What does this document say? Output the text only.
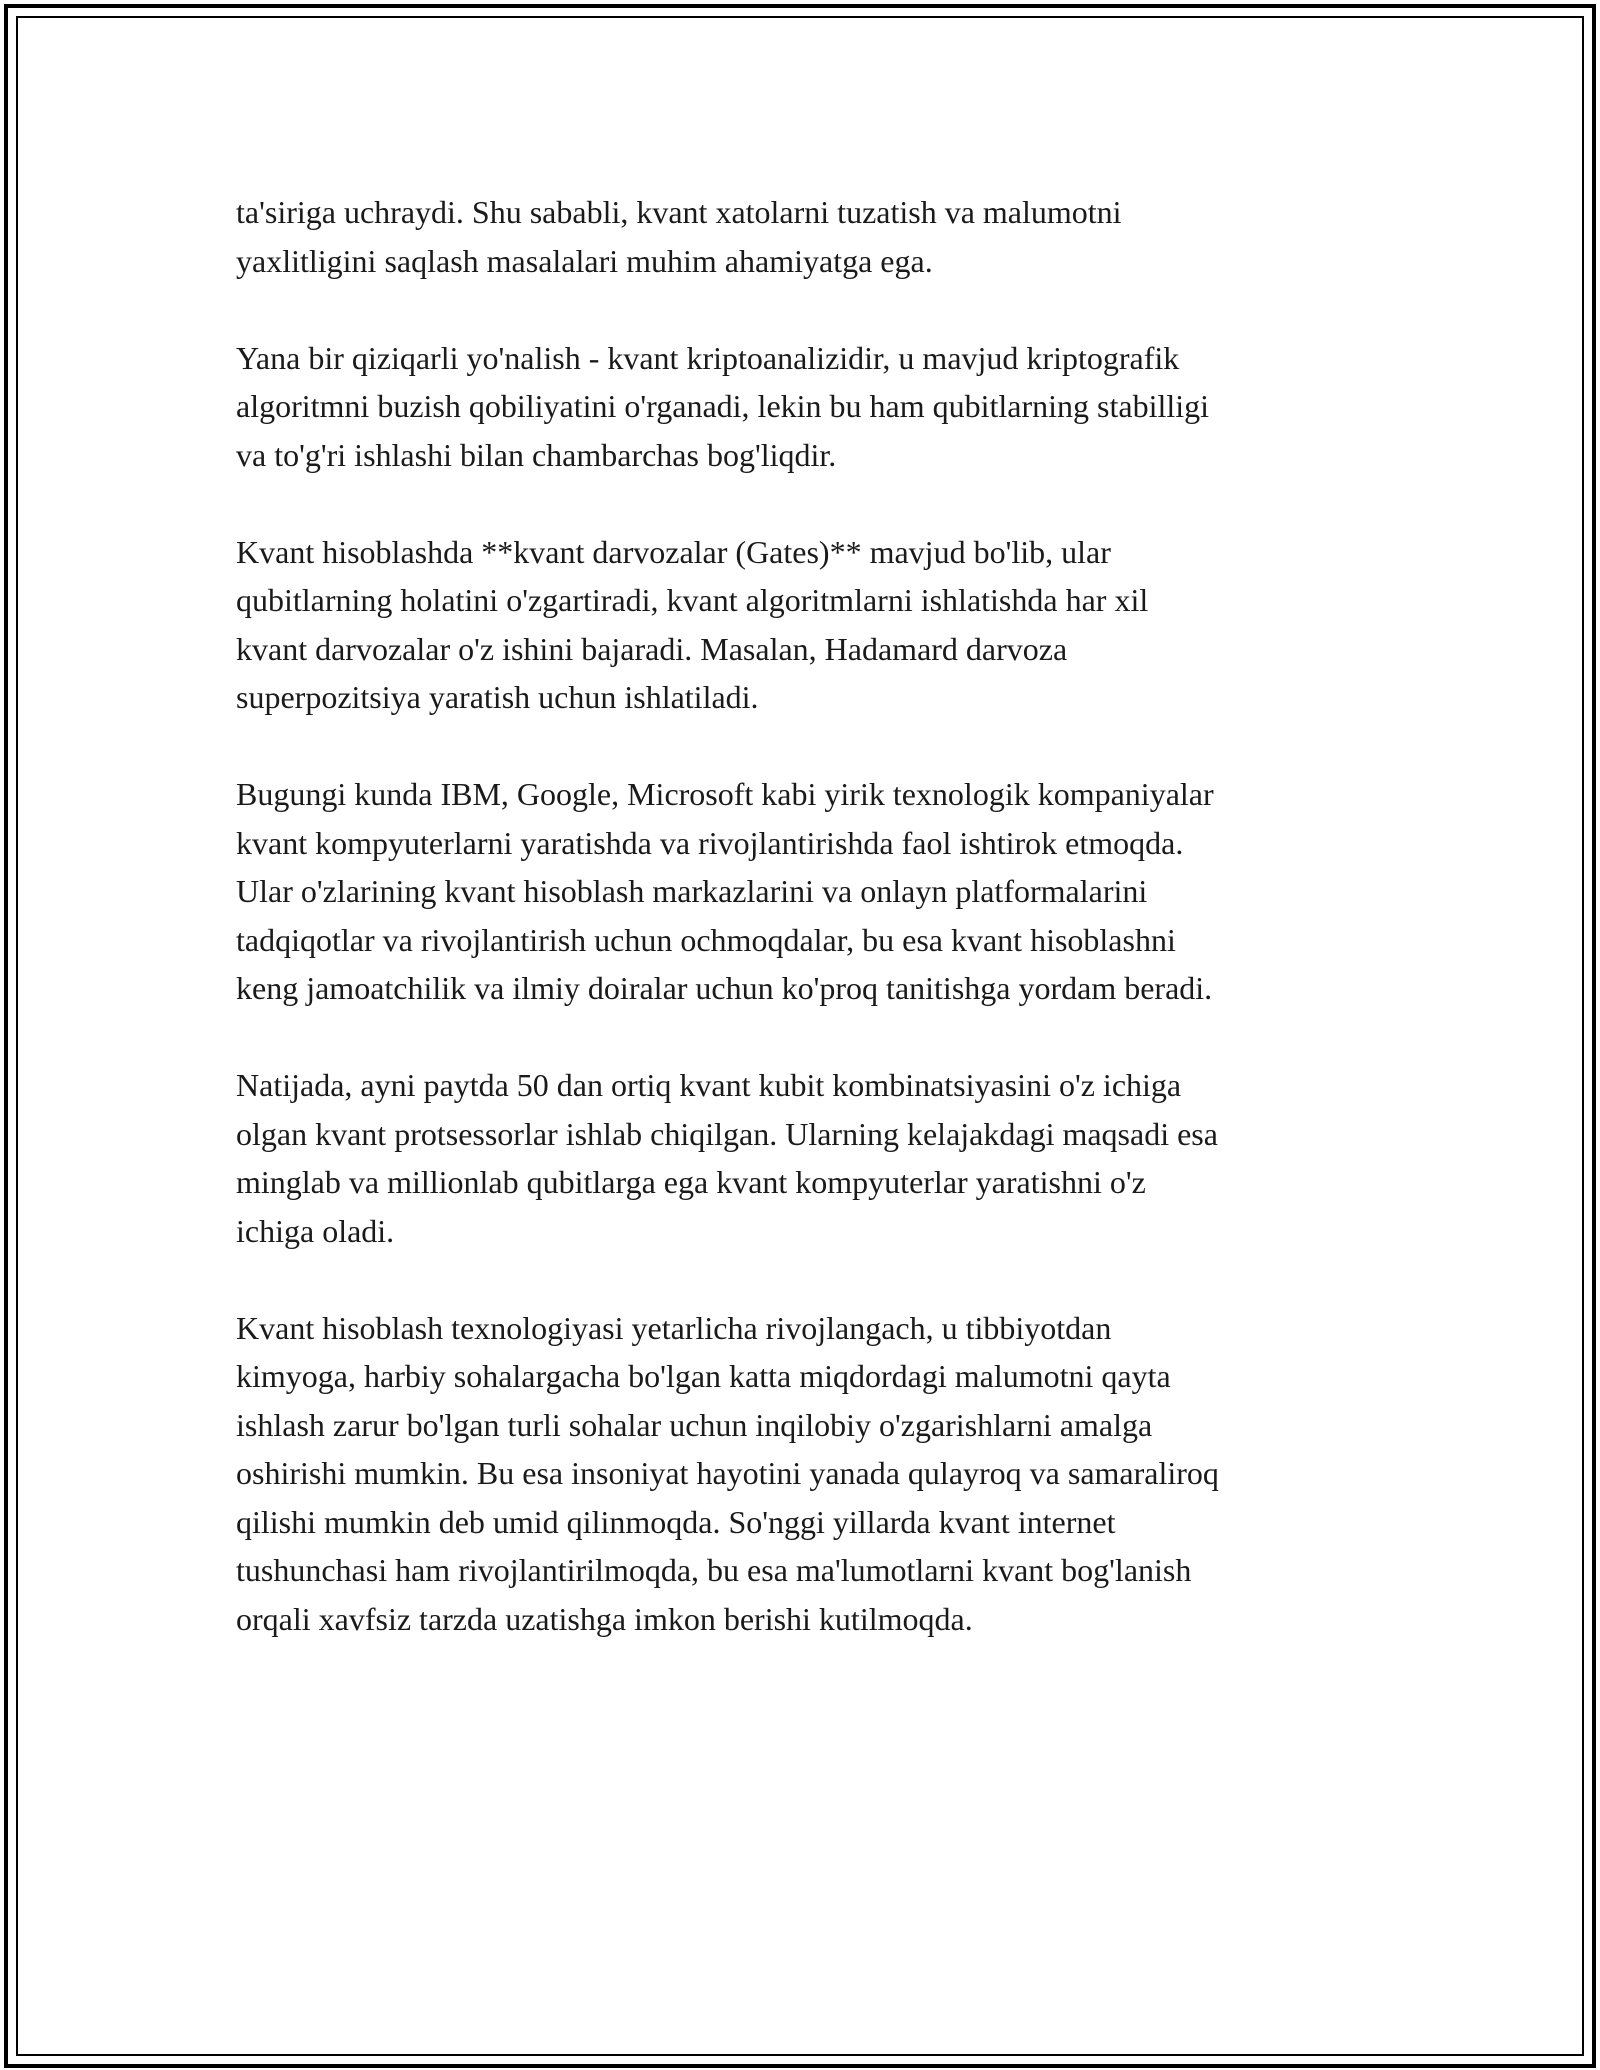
ta'siriga uchraydi. Shu sababli, kvant xatolarni tuzatish va malumotni
yaxlitligini saqlash masalalari muhim ahamiyatga ega.

Yana bir qiziqarli yo'nalish - kvant kriptoanalizidir, u mavjud kriptografik
algoritmni buzish qobiliyatini o'rganadi, lekin bu ham qubitlarning stabilligi
va to'g'ri ishlashi bilan chambarchas bog'liqdir.

Kvant hisoblashda **kvant darvozalar (Gates)** mavjud bo'lib, ular
qubitlarning holatini o'zgartiradi, kvant algoritmlarni ishlatishda har xil
kvant darvozalar o'z ishini bajaradi. Masalan, Hadamard darvoza
superpozitsiya yaratish uchun ishlatiladi.

Bugungi kunda IBM, Google, Microsoft kabi yirik texnologik kompaniyalar
kvant kompyuterlarni yaratishda va rivojlantirishda faol ishtirok etmoqda.
Ular o'zlarining kvant hisoblash markazlarini va onlayn platformalarini
tadqiqotlar va rivojlantirish uchun ochmoqdalar, bu esa kvant hisoblashni
keng jamoatchilik va ilmiy doiralar uchun ko'proq tanitishga yordam beradi.

Natijada, ayni paytda 50 dan ortiq kvant kubit kombinatsiyasini o'z ichiga
olgan kvant protsessorlar ishlab chiqilgan. Ularning kelajakdagi maqsadi esa
minglab va millionlab qubitlarga ega kvant kompyuterlar yaratishni o'z
ichiga oladi.

Kvant hisoblash texnologiyasi yetarlicha rivojlangach, u tibbiyotdan
kimyoga, harbiy sohalargacha bo'lgan katta miqdordagi malumotni qayta
ishlash zarur bo'lgan turli sohalar uchun inqilobiy o'zgarishlarni amalga
oshirishi mumkin. Bu esa insoniyat hayotini yanada qulayroq va samaraliroq
qilishi mumkin deb umid qilinmoqda. So'nggi yillarda kvant internet
tushunchasi ham rivojlantirilmoqda, bu esa ma'lumotlarni kvant bog'lanish
orqali xavfsiz tarzda uzatishga imkon berishi kutilmoqda.
